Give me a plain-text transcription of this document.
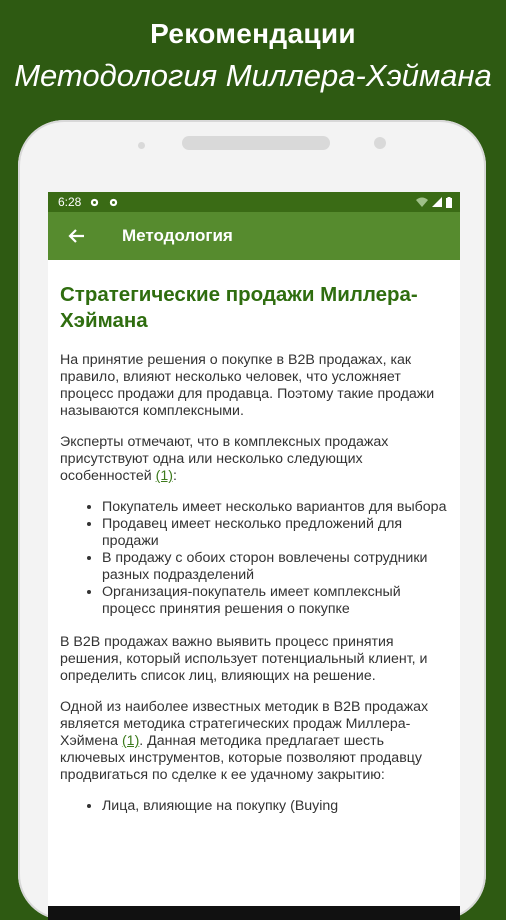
Рекомендации
Методология Миллера-Хэймана
6:28
Методология
Стратегические продажи Миллера-Хэймана

На принятие решения о покупке в B2B продажах, как правило, влияют несколько человек, что усложняет процесс продажи для продавца. Поэтому такие продажи называются комплексными.

Эксперты отмечают, что в комплексных продажах присутствуют одна или несколько следующих особенностей (1):

• Покупатель имеет несколько вариантов для выбора
• Продавец имеет несколько предложений для продажи
• В продажу с обоих сторон вовлечены сотрудники разных подразделений
• Организация-покупатель имеет комплексный процесс принятия решения о покупке

В B2B продажах важно выявить процесс принятия решения, который использует потенциальный клиент, и определить список лиц, влияющих на решение.

Одной из наиболее известных методик в B2B продажах является методика стратегических продаж Миллера-Хэймена (1). Данная методика предлагает шесть ключевых инструментов, которые позволяют продавцу продвигаться по сделке к ее удачному закрытию:

• Лица, влияющие на покупку (Buying
